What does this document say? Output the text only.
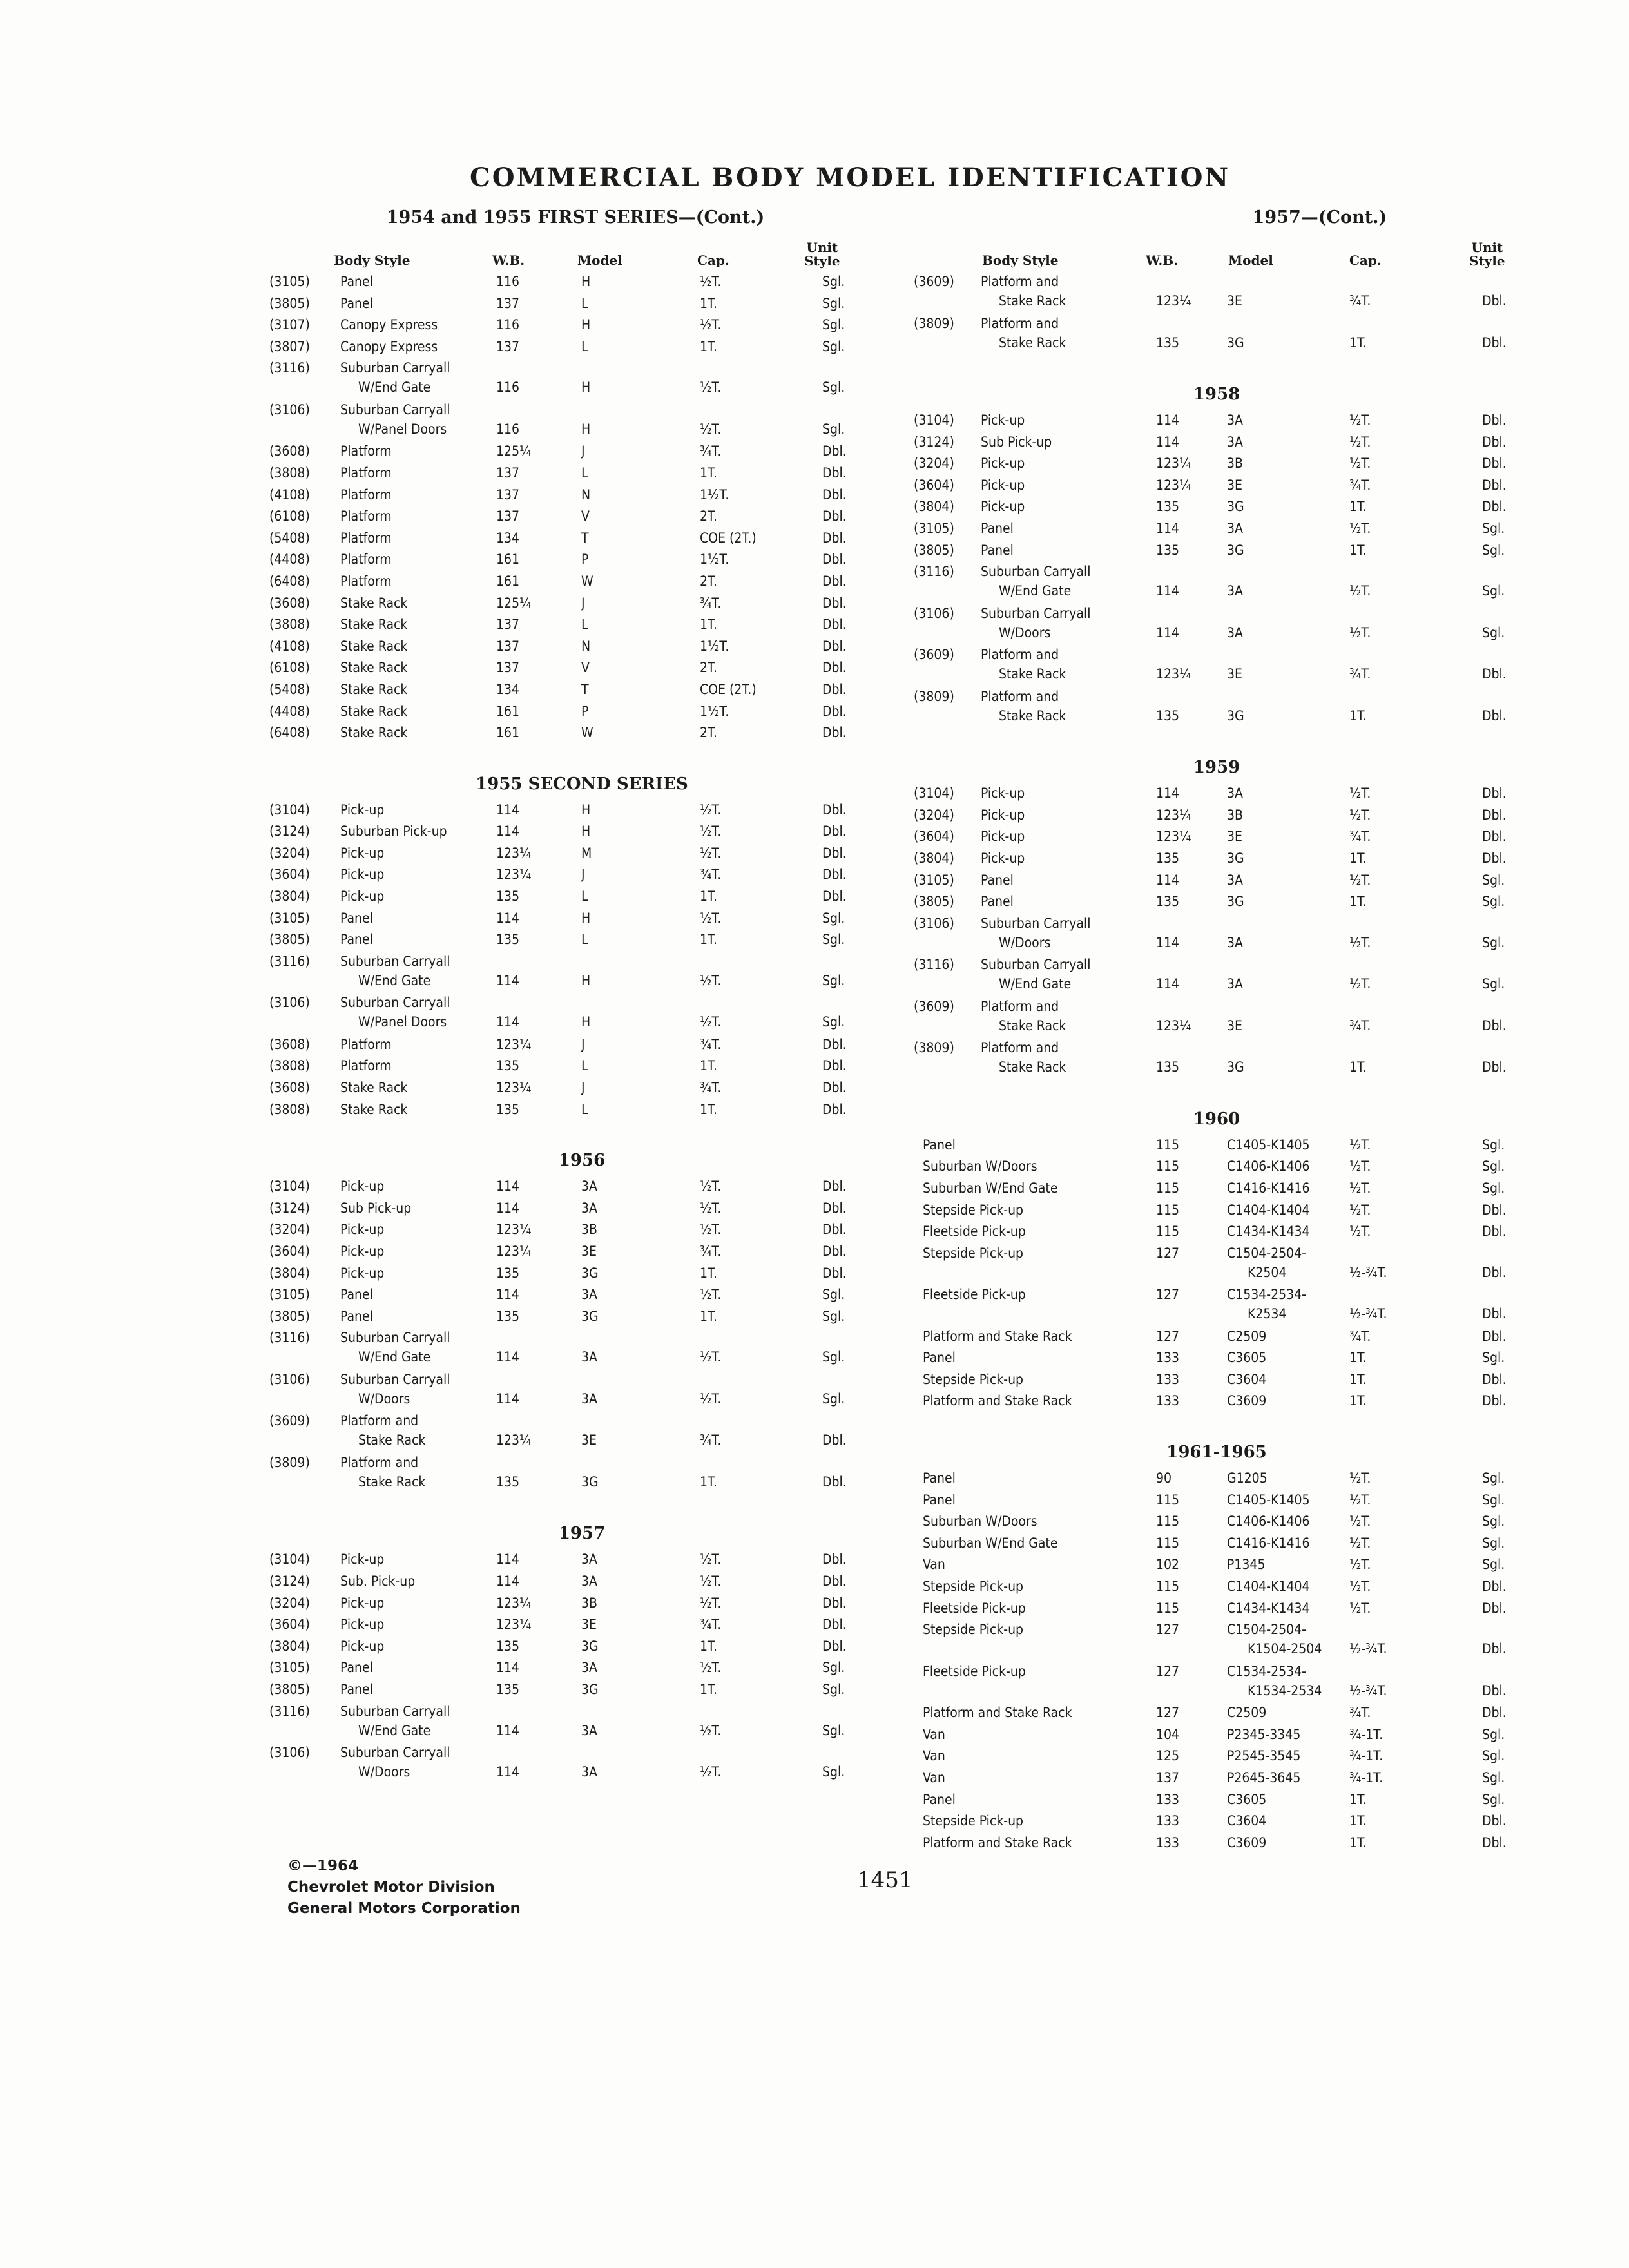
COMMERCIAL BODY MODEL IDENTIFICATION
1954 and 1955 FIRST SERIES—(Cont.)
Body Style	W.B.	Model	Cap.
Unit
Style
(3105) Panel	116	H	½T.	Sgl.
(3805) Panel	137	L	1T.	Sgl.
(3107) Canopy Express	116	H	½T.	Sgl.
(3807) Canopy Express	137	L	1T.	Sgl.
(3116) Suburban Carryall
W/End Gate	116	H	½T.	Sgl.
(3106) Suburban Carryall
W/Panel Doors	116	H	½T.	Sgl.
(3608) Platform	125¼	J	¾T.	Dbl.
(3808) Platform	137	L	1T.	Dbl.
(4108) Platform	137	N	1½T.	Dbl.
(6108) Platform	137	V	2T.	Dbl.
(5408) Platform	134	T	COE (2T.)	Dbl.
(4408) Platform	161	P	1½T.	Dbl.
(6408) Platform	161	W	2T.	Dbl.
(3608) Stake Rack	125¼	J	¾T.	Dbl.
(3808) Stake Rack	137	L	1T.	Dbl.
(4108) Stake Rack	137	N	1½T.	Dbl.
(6108) Stake Rack	137	V	2T.	Dbl.
(5408) Stake Rack	134	T	COE (2T.)	Dbl.
(4408) Stake Rack	161	P	1½T.	Dbl.
(6408) Stake Rack	161	W	2T.	Dbl.
1955 SECOND SERIES
(3104) Pick-up	114	H	½T.	Dbl.
(3124) Suburban Pick-up	114	H	½T.	Dbl.
(3204) Pick-up	123¼	M	½T.	Dbl.
(3604) Pick-up	123¼	J	¾T.	Dbl.
(3804) Pick-up	135	L	1T.	Dbl.
(3105) Panel	114	H	½T.	Sgl.
(3805) Panel	135	L	1T.	Sgl.
(3116) Suburban Carryall
W/End Gate	114	H	½T.	Sgl.
(3106) Suburban Carryall
W/Panel Doors	114	H	½T.	Sgl.
(3608) Platform	123¼	J	¾T.	Dbl.
(3808) Platform	135	L	1T.	Dbl.
(3608) Stake Rack	123¼	J	¾T.	Dbl.
(3808) Stake Rack	135	L	1T.	Dbl.
1956
(3104) Pick-up	114	3A	½T.	Dbl.
(3124) Sub Pick-up	114	3A	½T.	Dbl.
(3204) Pick-up	123¼	3B	½T.	Dbl.
(3604) Pick-up	123¼	3E	¾T.	Dbl.
(3804) Pick-up	135	3G	1T.	Dbl.
(3105) Panel	114	3A	½T.	Sgl.
(3805) Panel	135	3G	1T.	Sgl.
(3116) Suburban Carryall
W/End Gate	114	3A	½T.	Sgl.
(3106) Suburban Carryall
W/Doors	114	3A	½T.	Sgl.
(3609) Platform and
Stake Rack	123¼	3E	¾T.	Dbl.
(3809) Platform and
Stake Rack	135	3G	1T.	Dbl.
1957
(3104) Pick-up	114	3A	½T.	Dbl.
(3124) Sub. Pick-up	114	3A	½T.	Dbl.
(3204) Pick-up	123¼	3B	½T.	Dbl.
(3604) Pick-up	123¼	3E	¾T.	Dbl.
(3804) Pick-up	135	3G	1T.	Dbl.
(3105) Panel	114	3A	½T.	Sgl.
(3805) Panel	135	3G	1T.	Sgl.
(3116) Suburban Carryall
W/End Gate	114	3A	½T.	Sgl.
(3106) Suburban Carryall
W/Doors	114	3A	½T.	Sgl.
1957—(Cont.)
Body Style	W.B.	Model	Cap.
Unit
Style
(3609) Platform and
Stake Rack	123¼	3E	¾T.	Dbl.
(3809) Platform and
Stake Rack	135	3G	1T.	Dbl.
1958
(3104) Pick-up	114	3A	½T.	Dbl.
(3124) Sub Pick-up	114	3A	½T.	Dbl.
(3204) Pick-up	123¼	3B	½T.	Dbl.
(3604) Pick-up	123¼	3E	¾T.	Dbl.
(3804) Pick-up	135	3G	1T.	Dbl.
(3105) Panel	114	3A	½T.	Sgl.
(3805) Panel	135	3G	1T.	Sgl.
(3116) Suburban Carryall
W/End Gate	114	3A	½T.	Sgl.
(3106) Suburban Carryall
W/Doors	114	3A	½T.	Sgl.
(3609) Platform and
Stake Rack	123¼	3E	¾T.	Dbl.
(3809) Platform and
Stake Rack	135	3G	1T.	Dbl.
1959
(3104) Pick-up	114	3A	½T.	Dbl.
(3204) Pick-up	123¼	3B	½T.	Dbl.
(3604) Pick-up	123¼	3E	¾T.	Dbl.
(3804) Pick-up	135	3G	1T.	Dbl.
(3105) Panel	114	3A	½T.	Sgl.
(3805) Panel	135	3G	1T.	Sgl.
(3106) Suburban Carryall
W/Doors	114	3A	½T.	Sgl.
(3116) Suburban Carryall
W/End Gate	114	3A	½T.	Sgl.
(3609) Platform and
Stake Rack	123¼	3E	¾T.	Dbl.
(3809) Platform and
Stake Rack	135	3G	1T.	Dbl.
1960
Panel	115	C1405-K1405	½T.	Sgl.
Suburban W/Doors	115	C1406-K1406	½T.	Sgl.
Suburban W/End Gate	115	C1416-K1416	½T.	Sgl.
Stepside Pick-up	115	C1404-K1404	½T.	Dbl.
Fleetside Pick-up	115	C1434-K1434	½T.	Dbl.
Stepside Pick-up	127	C1504-2504-
K2504	½-¾T.	Dbl.
Fleetside Pick-up	127	C1534-2534-
K2534	½-¾T.	Dbl.
Platform and Stake Rack	127	C2509	¾T.	Dbl.
Panel	133	C3605	1T.	Sgl.
Stepside Pick-up	133	C3604	1T.	Dbl.
Platform and Stake Rack	133	C3609	1T.	Dbl.
1961-1965
Panel	90	G1205	½T.	Sgl.
Panel	115	C1405-K1405	½T.	Sgl.
Suburban W/Doors	115	C1406-K1406	½T.	Sgl.
Suburban W/End Gate	115	C1416-K1416	½T.	Sgl.
Van	102	P1345	½T.	Sgl.
Stepside Pick-up	115	C1404-K1404	½T.	Dbl.
Fleetside Pick-up	115	C1434-K1434	½T.	Dbl.
Stepside Pick-up	127	C1504-2504-
K1504-2504 ½-¾T.	Dbl.
Fleetside Pick-up	127	C1534-2534-
K1534-2534 ½-¾T.	Dbl.
Platform and Stake Rack	127	C2509	¾T.	Dbl.
Van	104	P2345-3345	¾-1T.	Sgl.
Van	125	P2545-3545	¾-1T.	Sgl.
Van	137	P2645-3645	¾-1T.	Sgl.
Panel	133	C3605	1T.	Sgl.
Stepside Pick-up	133	C3604	1T.	Dbl.
Platform and Stake Rack	133	C3609	1T.	Dbl.
1451
©—1964
Chevrolet Motor Division
General Motors Corporation
